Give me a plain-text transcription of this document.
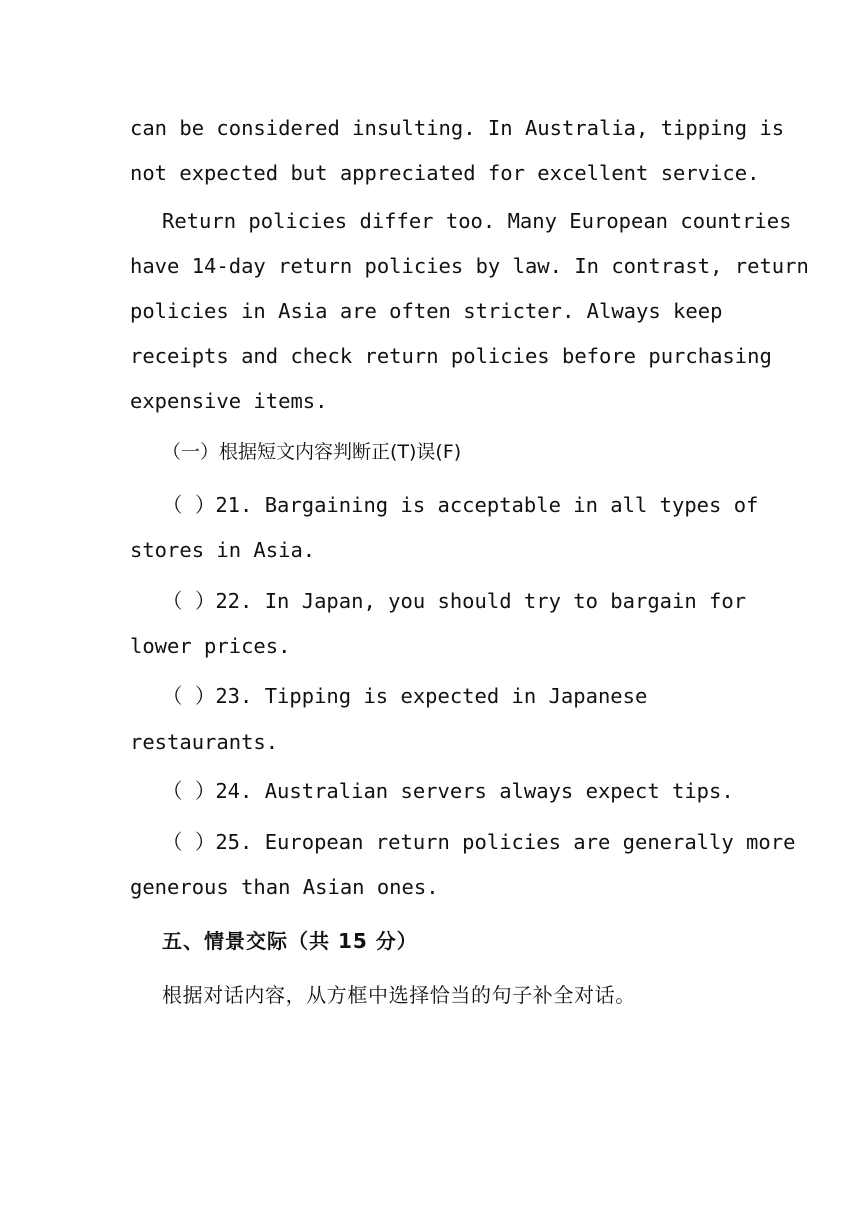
can be considered insulting. In Australia, tipping is
not expected but appreciated for excellent service.
Return policies differ too. Many European countries
have 14-day return policies by law. In contrast, return
policies in Asia are often stricter. Always keep
receipts and check return policies before purchasing
expensive items.
（一）根据短文内容判断正(T)误(F)
（ ）21. Bargaining is acceptable in all types of
stores in Asia.
（ ）22. In Japan, you should try to bargain for
lower prices.
（ ）23. Tipping is expected in Japanese
restaurants.
（ ）24. Australian servers always expect tips.
（ ）25. European return policies are generally more
generous than Asian ones.
五、情景交际（共 15 分）
根据对话内容，从方框中选择恰当的句子补全对话。
